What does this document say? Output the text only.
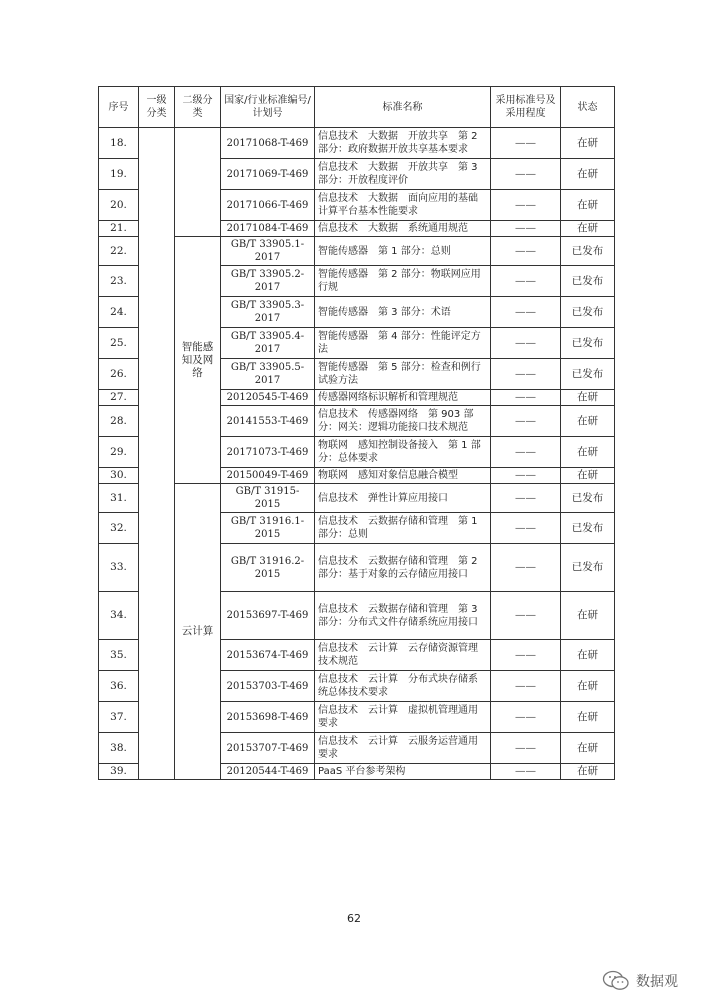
序号	一级分类	二级分类	国家/行业标准编号/计划号	标准名称	采用标准号及采用程度	状态
18.			20171068-T-469	信息技术　大数据　开放共享　第 2 部分：政府数据开放共享基本要求	——	在研
19.			20171069-T-469	信息技术　大数据　开放共享　第 3 部分：开放程度评价	——	在研
20.			20171066-T-469	信息技术　大数据　面向应用的基础计算平台基本性能要求	——	在研
21.			20171084-T-469	信息技术　大数据　系统通用规范	——	在研
22.		智能感知及网络	GB/T 33905.1-2017	智能传感器　第 1 部分：总则	——	已发布
23.			GB/T 33905.2-2017	智能传感器　第 2 部分：物联网应用行规	——	已发布
24.			GB/T 33905.3-2017	智能传感器　第 3 部分：术语	——	已发布
25.			GB/T 33905.4-2017	智能传感器　第 4 部分：性能评定方法	——	已发布
26.			GB/T 33905.5-2017	智能传感器　第 5 部分：检查和例行试验方法	——	已发布
27.			20120545-T-469	传感器网络标识解析和管理规范	——	在研
28.			20141553-T-469	信息技术　传感器网络　第 903 部分：网关：逻辑功能接口技术规范	——	在研
29.			20171073-T-469	物联网　感知控制设备接入　第 1 部分：总体要求	——	在研
30.			20150049-T-469	物联网　感知对象信息融合模型	——	在研
31.		云计算	GB/T 31915-2015	信息技术　弹性计算应用接口	——	已发布
32.			GB/T 31916.1-2015	信息技术　云数据存储和管理　第 1 部分：总则	——	已发布
33.			GB/T 31916.2-2015	信息技术　云数据存储和管理　第 2 部分：基于对象的云存储应用接口	——	已发布
34.			20153697-T-469	信息技术　云数据存储和管理　第 3 部分：分布式文件存储系统应用接口	——	在研
35.			20153674-T-469	信息技术　云计算　云存储资源管理技术规范	——	在研
36.			20153703-T-469	信息技术　云计算　分布式块存储系统总体技术要求	——	在研
37.			20153698-T-469	信息技术　云计算　虚拟机管理通用要求	——	在研
38.			20153707-T-469	信息技术　云计算　云服务运营通用要求	——	在研
39.			20120544-T-469	PaaS 平台参考架构	——	在研
62
数据观
